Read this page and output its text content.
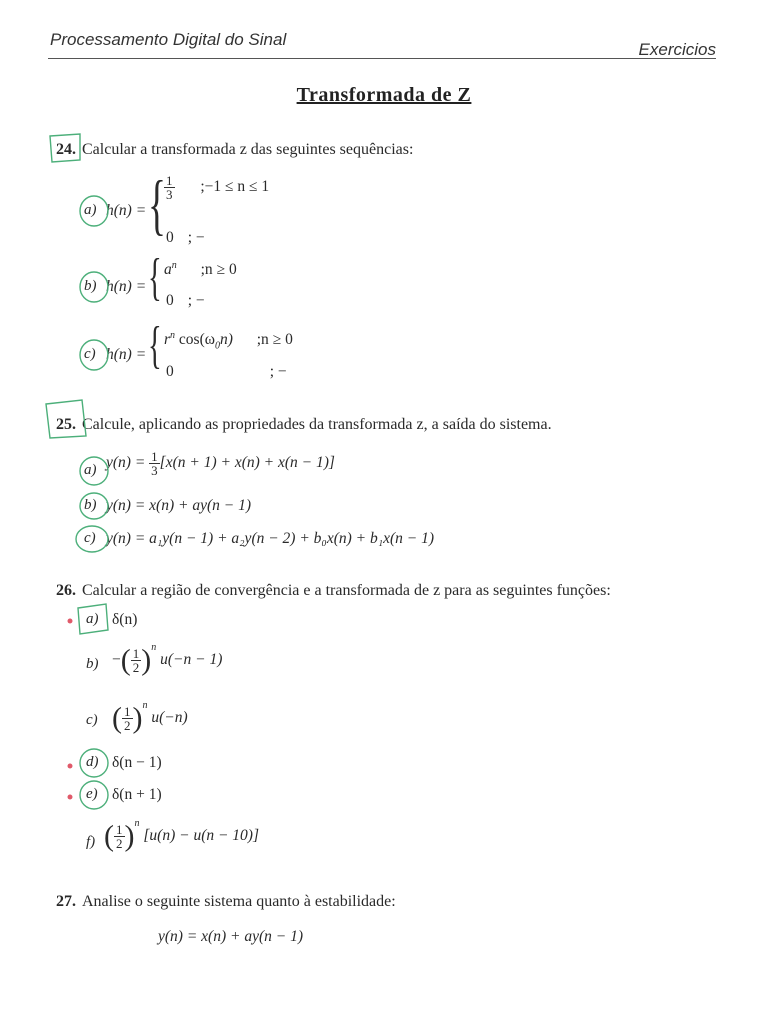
Processamento Digital do Sinal
Exercicios
Transformada de Z
24. Calcular a transformada z das seguintes sequências:
a) h(n) = {
$\frac{1}{3}$ ;−1 ≤ n ≤ 1
0 ; −
b) h(n) = { $a^n$ ;n ≥ 0
0 ; −
c) h(n) = { $r^n$ $\cos(\omega_0n)$ ;n ≥ 0
0	; −
25. Calcule, aplicando as propriedades da transformada z, a saída do sistema.
a) $y(n) = \frac{1}{3} [x(n + 1) + x(n) + x(n - 1)]$
b) y(n) = x(n) + ay(n − 1)
c) y(n) = a₁y(n − 1) + a₂y(n − 2) + b₀x(n) + b₁x(n − 1)
26. Calcular a região de convergência e a transformada de z para as seguintes funções:
a) δ(n)
b) −( $\frac{1}{2} )^n$ u(−n − 1)
c) ( $\frac{1}{2} )^n$ u(−n)
d) δ(n − 1)
e) δ(n + 1)
f) ( $\frac{1}{2} )^n$ [u(n) − u(n − 10)]
27. Analise o seguinte sistema quanto à estabilidade:
y(n) = x(n) + ay(n − 1)
